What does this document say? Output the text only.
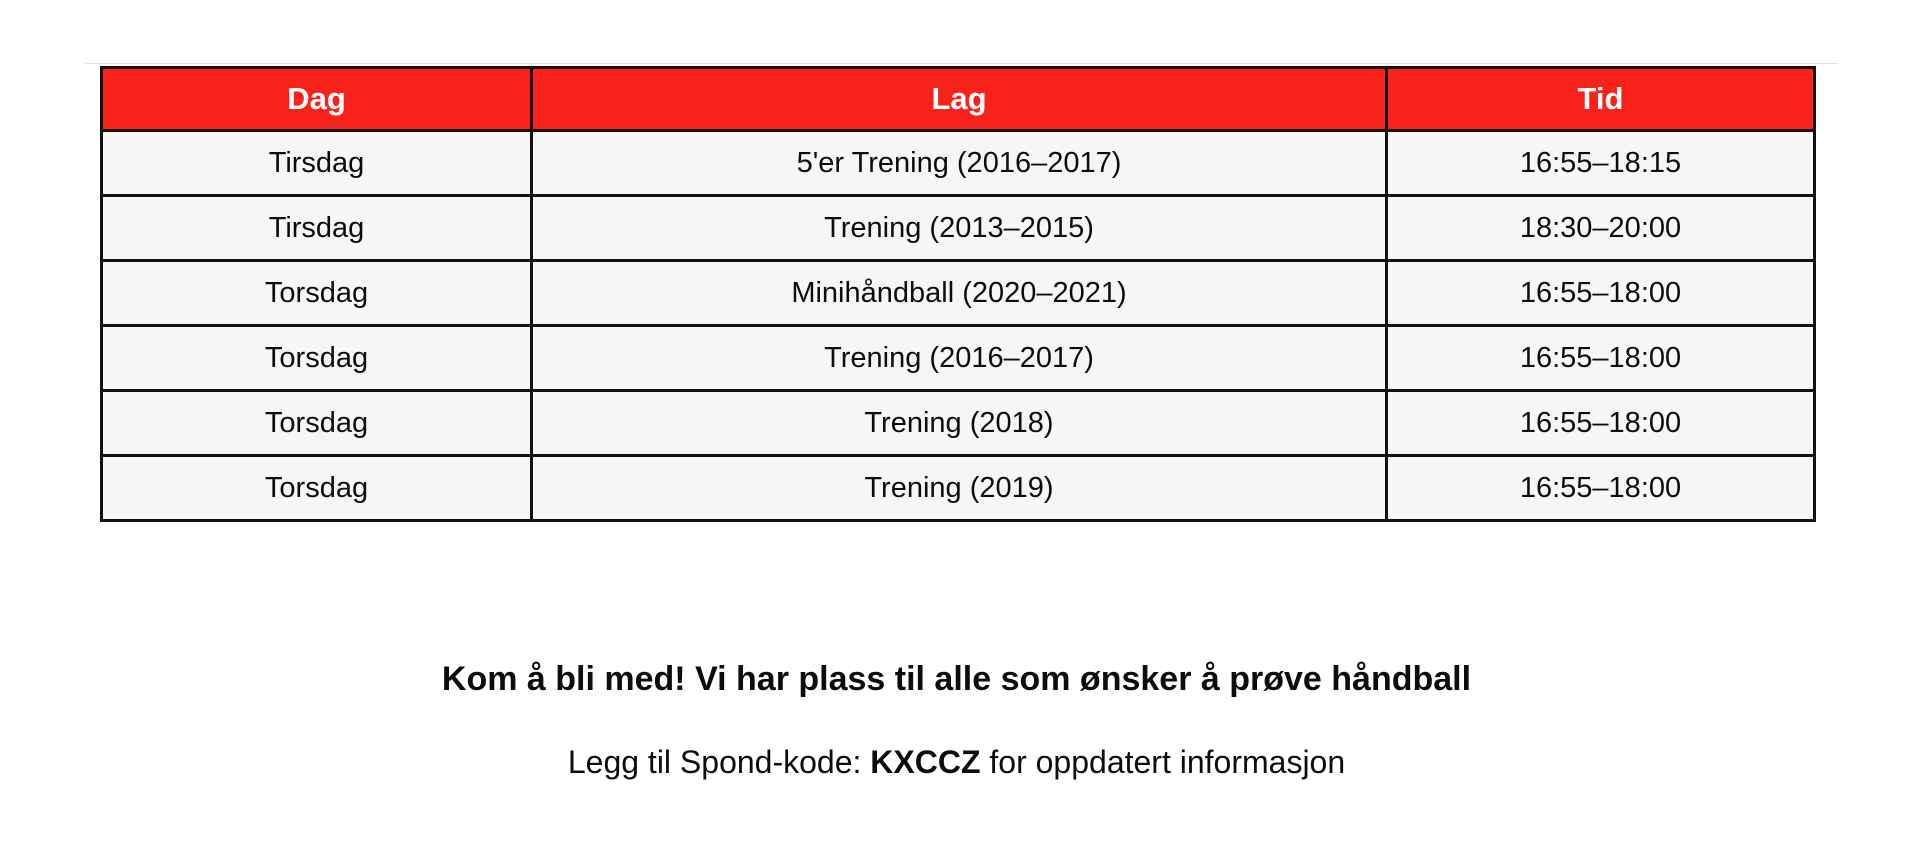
Dag	Lag	Tid
Tirsdag	5'er Trening (2016–2017)	16:55–18:15
Tirsdag	Trening (2013–2015)	18:30–20:00
Torsdag	Minihåndball (2020–2021)	16:55–18:00
Torsdag	Trening (2016–2017)	16:55–18:00
Torsdag	Trening (2018)	16:55–18:00
Torsdag	Trening (2019)	16:55–18:00
Kom å bli med! Vi har plass til alle som ønsker å prøve håndball
Legg til Spond-kode: KXCCZ for oppdatert informasjon
